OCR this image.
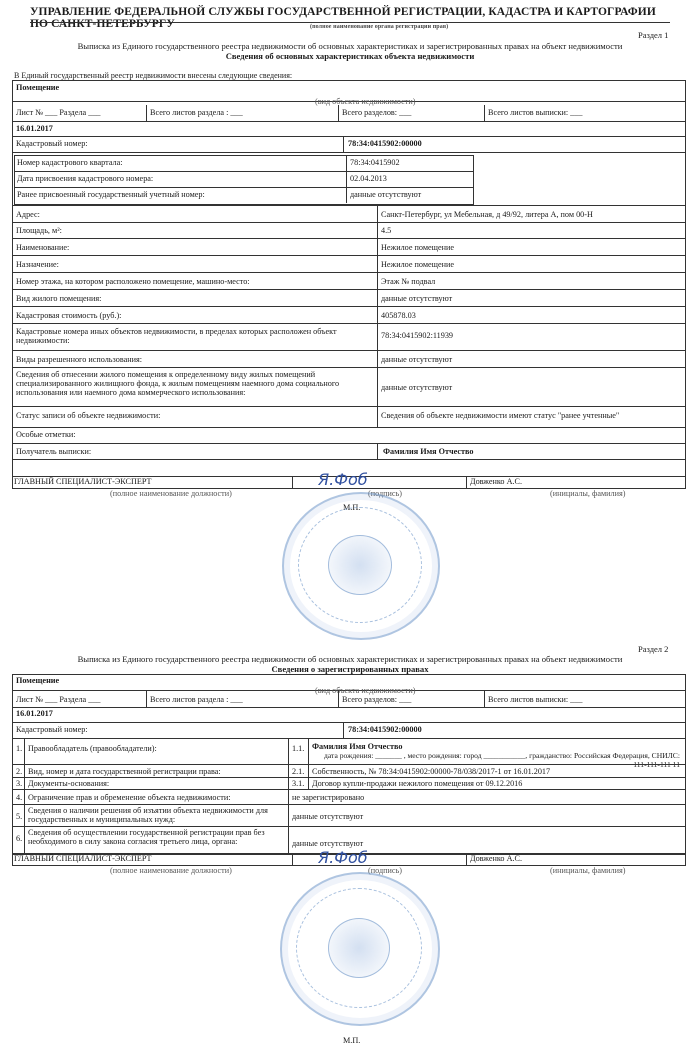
УПРАВЛЕНИЕ ФЕДЕРАЛЬНОЙ СЛУЖБЫ ГОСУДАРСТВЕННОЙ РЕГИСТРАЦИИ, КАДАСТРА И КАРТОГРАФИИ ПО САНКТ-ПЕТЕРБУРГУ	(полное наименование органа регистрации прав)
Раздел 1
Выписка из Единого государственного реестра недвижимости об основных характеристиках и зарегистрированных правах на объект недвижимости
Сведения об основных характеристиках объекта недвижимости
В Единый государственный реестр недвижимости внесены следующие сведения:
Помещение
(вид объекта недвижимости)
Лист № ___ Раздела ___	Всего листов раздела : ___	Всего разделов: ___	Всего листов выписки: ___
16.01.2017
Кадастровый номер:	78:34:0415902:00000
Номер кадастрового квартала:	78:34:0415902
Дата присвоения кадастрового номера:	02.04.2013
Ранее присвоенный государственный учетный номер:	данные отсутствуют
Адрес:	Санкт-Петербург, ул Мебельная, д 49/92, литера А, пом 00-Н
Площадь, м²:	4.5
Наименование:	Нежилое помещение
Назначение:	Нежилое помещение
Номер этажа, на котором расположено помещение, машино-место:	Этаж № подвал
Вид жилого помещения:	данные отсутствуют
Кадастровая стоимость (руб.):	405878.03
Кадастровые номера иных объектов недвижимости, в пределах которых расположен объект недвижимости:
78:34:0415902:11939
Виды разрешенного использования:	данные отсутствуют
Сведения об отнесении жилого помещения к определенному виду жилых помещений специализированного жилищного фонда, к жилым помещениям наемного дома социального использования или наемного дома коммерческого использования:
данные отсутствуют
Статус записи об объекте недвижимости:	Сведения об объекте недвижимости имеют статус "ранее учтенные"
Особые отметки:
Получатель выписки:	Фамилия Имя Отчество
ГЛАВНЫЙ СПЕЦИАЛИСТ-ЭКСПЕРТ	Довженко А.С.
(полное наименование должности)	(подпись)	(инициалы, фамилия)
Я.Фоб
М.П.
Раздел 2
Выписка из Единого государственного реестра недвижимости об основных характеристиках и зарегистрированных правах на объект недвижимости
Сведения о зарегистрированных правах
Помещение
(вид объекта недвижимости)
Лист № ___ Раздела ___	Всего листов раздела : ___	Всего разделов: ___	Всего листов выписки: ___
16.01.2017
Кадастровый номер:	78:34:0415902:00000
1. Правообладатель (правообладатели):	1.1. Фамилия Имя Отчество
дата рождения: _______ , место рождения: город ___________, гражданство: Российская Федерация, СНИЛС: 111-111-111 11
2. Вид, номер и дата государственной регистрации права:	2.1. Собственность, № 78:34:0415902:00000-78/038/2017-1 от 16.01.2017
3. Документы-основания:	3.1. Договор купли-продажи нежилого помещения от 09.12.2016
4. Ограничение прав и обременение объекта недвижимости:	не зарегистрировано
5.
Сведения о наличии решения об изъятии объекта недвижимости для государственных и муниципальных нужд:	данные отсутствуют
6.
Сведения об осуществлении государственной регистрации прав без необходимого в силу закона согласия третьего лица, органа:	данные отсутствуют
ГЛАВНЫЙ СПЕЦИАЛИСТ-ЭКСПЕРТ	Довженко А.С.
(полное наименование должности)	(подпись)	(инициалы, фамилия)
Я.Фоб
М.П.
